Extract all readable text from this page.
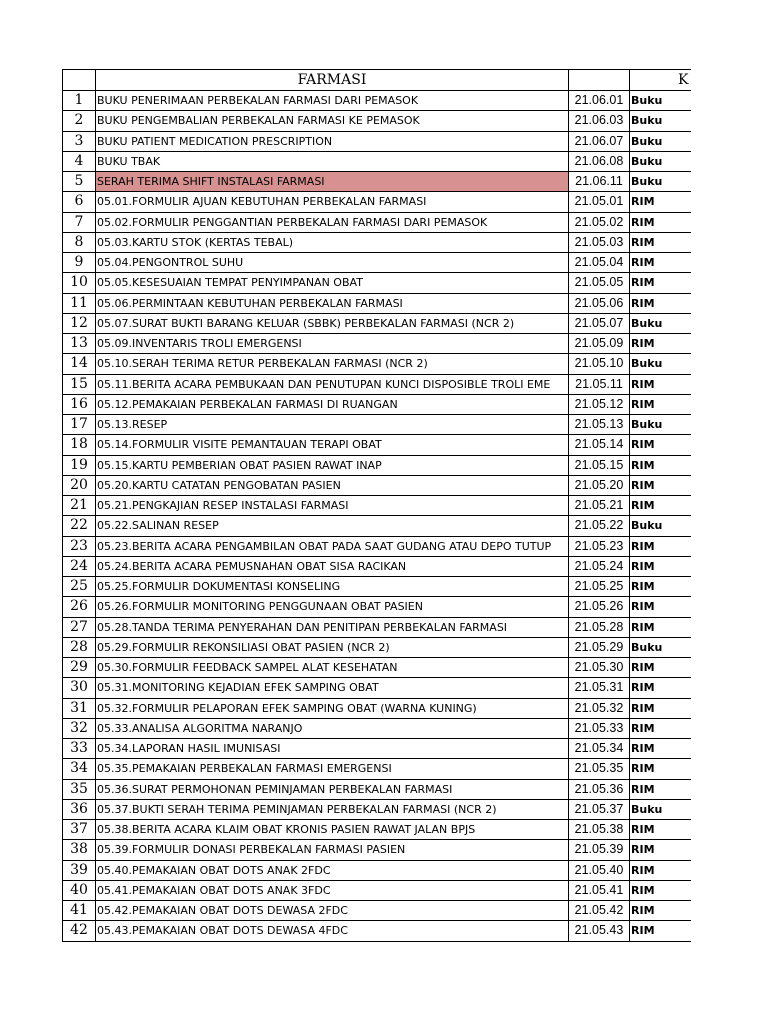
	FARMASI		K
1	BUKU PENERIMAAN PERBEKALAN FARMASI DARI PEMASOK	21.06.01	Buku
2	BUKU PENGEMBALIAN PERBEKALAN FARMASI KE PEMASOK	21.06.03	Buku
3	BUKU PATIENT MEDICATION PRESCRIPTION	21.06.07	Buku
4	BUKU TBAK	21.06.08	Buku
5	SERAH TERIMA SHIFT INSTALASI FARMASI	21.06.11	Buku
6	05.01.FORMULIR AJUAN KEBUTUHAN PERBEKALAN FARMASI	21.05.01	RIM
7	05.02.FORMULIR PENGGANTIAN PERBEKALAN FARMASI DARI PEMASOK	21.05.02	RIM
8	05.03.KARTU STOK (KERTAS TEBAL)	21.05.03	RIM
9	05.04.PENGONTROL SUHU	21.05.04	RIM
10	05.05.KESESUAIAN TEMPAT PENYIMPANAN OBAT	21.05.05	RIM
11	05.06.PERMINTAAN KEBUTUHAN PERBEKALAN FARMASI	21.05.06	RIM
12	05.07.SURAT BUKTI BARANG KELUAR (SBBK) PERBEKALAN FARMASI (NCR 2)	21.05.07	Buku
13	05.09.INVENTARIS TROLI EMERGENSI	21.05.09	RIM
14	05.10.SERAH TERIMA RETUR PERBEKALAN FARMASI (NCR 2)	21.05.10	Buku
15	05.11.BERITA ACARA PEMBUKAAN DAN PENUTUPAN KUNCI DISPOSIBLE TROLI EME	21.05.11	RIM
16	05.12.PEMAKAIAN PERBEKALAN FARMASI DI RUANGAN	21.05.12	RIM
17	05.13.RESEP	21.05.13	Buku
18	05.14.FORMULIR VISITE PEMANTAUAN TERAPI OBAT	21.05.14	RIM
19	05.15.KARTU PEMBERIAN OBAT PASIEN RAWAT INAP	21.05.15	RIM
20	05.20.KARTU CATATAN PENGOBATAN PASIEN	21.05.20	RIM
21	05.21.PENGKAJIAN RESEP INSTALASI FARMASI	21.05.21	RIM
22	05.22.SALINAN RESEP	21.05.22	Buku
23	05.23.BERITA ACARA PENGAMBILAN OBAT PADA SAAT GUDANG ATAU DEPO TUTUP	21.05.23	RIM
24	05.24.BERITA ACARA PEMUSNAHAN OBAT SISA RACIKAN	21.05.24	RIM
25	05.25.FORMULIR DOKUMENTASI KONSELING	21.05.25	RIM
26	05.26.FORMULIR MONITORING PENGGUNAAN OBAT PASIEN	21.05.26	RIM
27	05.28.TANDA TERIMA PENYERAHAN DAN PENITIPAN PERBEKALAN FARMASI	21.05.28	RIM
28	05.29.FORMULIR REKONSILIASI OBAT PASIEN (NCR 2)	21.05.29	Buku
29	05.30.FORMULIR FEEDBACK SAMPEL ALAT KESEHATAN	21.05.30	RIM
30	05.31.MONITORING KEJADIAN EFEK SAMPING OBAT	21.05.31	RIM
31	05.32.FORMULIR PELAPORAN EFEK SAMPING OBAT (WARNA KUNING)	21.05.32	RIM
32	05.33.ANALISA ALGORITMA NARANJO	21.05.33	RIM
33	05.34.LAPORAN HASIL IMUNISASI	21.05.34	RIM
34	05.35.PEMAKAIAN PERBEKALAN FARMASI EMERGENSI	21.05.35	RIM
35	05.36.SURAT PERMOHONAN PEMINJAMAN PERBEKALAN FARMASI	21.05.36	RIM
36	05.37.BUKTI SERAH TERIMA PEMINJAMAN PERBEKALAN FARMASI (NCR 2)	21.05.37	Buku
37	05.38.BERITA ACARA KLAIM OBAT KRONIS PASIEN RAWAT JALAN BPJS	21.05.38	RIM
38	05.39.FORMULIR DONASI PERBEKALAN FARMASI PASIEN	21.05.39	RIM
39	05.40.PEMAKAIAN OBAT DOTS ANAK 2FDC	21.05.40	RIM
40	05.41.PEMAKAIAN OBAT DOTS ANAK 3FDC	21.05.41	RIM
41	05.42.PEMAKAIAN OBAT DOTS DEWASA 2FDC	21.05.42	RIM
42	05.43.PEMAKAIAN OBAT DOTS DEWASA 4FDC	21.05.43	RIM
